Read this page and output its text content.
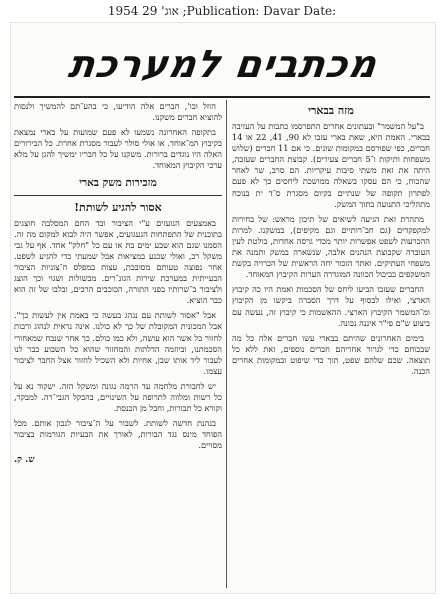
1954 אוג' 29 ;Publication: Davar Date:
מכתבים למערכת
מזה בבארי

ב"על המשמר" ובעתונים אחרים התפרסמו כתבות על העזיבה בבארי. האמת היא, שאת בארי עזבו לא 90, 41, 22 או 14 חברים, כפי שפורסם במקומות שונים. כי אם 11 חברים (שלוש משפחות ותיקות ו־5 חברים צעירים). קבוצת החברים שעזבה, היתה את זאת משתי סיבות עיקריות. הם סרב, שר לאחר שהכוח, כי הם עסקו בשאלה ממושכת ליחסים כך לא פעם לפתרון תקופה של שנתיים בקיום מסגרת ס־ד ית בנוכח מתהליכי התנועה בתוך המשק.

מתהרת זאת הגיעה לשיאים של תיכון מראש: של בחירות למקפקדים (גם חב־רותיים וגם מקיפים), במשקנו. למרות ההכרעות לשפט אפשרות יותר מכדי גרסה אחדות, בולטת לעין העובדה שקבוצת הנהנים אלבה, שנשארה במשק ותמנה את משפחי העתיקים. ואתר הזכור יחה הראשית של הכרויה בקשת המשקפים כביכול הכוונה המוגדרה הערות הקיבוץ המאוחד.

החברים שעזבו הביעו ליחס של הסכמות ואמת היו כה קיבוץ הארצי, ואילו לבסוף על דרך הסברה ביקשו מן הקיבוץ ומ־המשמר הקיבוץ הארצי. ההאשמות כי קיבוץ זה, נעשה עם ביצוע ש"ם פי"ר איננה נכונה.

בימים האחרונים שהיתם בבארי עשו חברים אלה כל מה שבכוחם כדי לגרור אחריהם חברים נוספים, זאת ללא כל תוצאה. שכם שלהם שפט, תוך כדי שיפוט ובמקומות אחרים הכנה.

הוזל וכו', חברים אלה הודיעו, כי בהע־תם להמשיך ולנסות להוציא חברים משקנו.

בתקופה האחרונה נשמעו לא פעם שמועות על בארי נמצאת בקיבוץ המ־אוחד. או אולי סולר לעבור מסגרת אחרת. כל הבירורים האלה היו נוגדים ברורות. משקנו על כל חבריו ימשיך להגן על מלא ערכי הקיבוץ המאוחד.

מזכירות משק בארי
אסור להגיע לשותת!

באמצעים הנועזים ע"י הציבור ובד החם המסלבה חוצגים בתוכנית של התפתחות הגעגועים, אפשר היה לבוא למקום מה זה. הסמנו שגם הוא שבע ימים בת או עם כל "חלק" אחד. אף על גבי משקל רב, ואולי שכנע במציאות אבל שמעתי כדי להגיע לשפט. אחר נפוצה טעותם מסובכת, עצות במפלס ח־צוניות הציבור הבעייתית במערכת שירות הגונ־רים. מכשולות ושגוי וכך הוצג ולציבור ב־שרותיו בפני התורה, הכוכבים הרבים, ובלבו של זה הוא כבר הוציא.

אבל "אסור לשותת עם נגהג בעשה כי באמת אין לעשות כך". אבל המכונית המקובלת של כך לא כולנו. אינה נראית לנהוג ורבות לחזור כל אשר הוא עושה, ולא כמו כולם. כך אחר שנבח שמאחורי הסכמתנו, וביוזמה הדלתות והמחזור שהוא כל השבוע כבר לנו לעבור ליד אותו שבן, אחיות ולא השכיל לחזור אצל החבר לציבור עצמו.

יש לחבורת מלחמה עד הרמה נגונה ומשקל הזה. ישקוד נא על כל רשות ומלווה לתרופה על השינויים, בהבקל הגבי־רה. למבקר, וקורא כל תבורות, וחבל מן הכנסת.

בנהנת חדשה לשותת. לשבור על ה־ציבור לנכון אותם. מכל הפוחד מינס נגד הבורות, לאורך את הבעיות הגורמות בציבור מסויים.

ש. ק.
